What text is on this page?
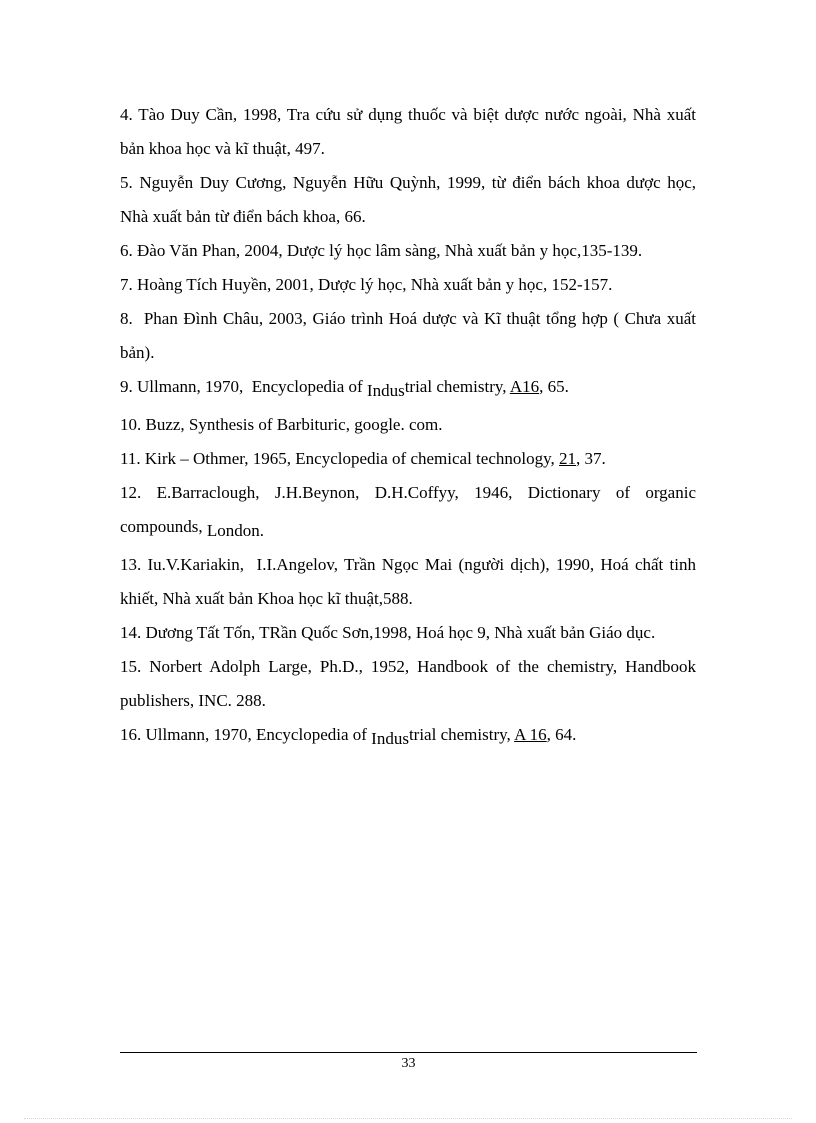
4. Tào Duy Cần, 1998, Tra cứu sử dụng thuốc và biệt dược nước ngoài, Nhà xuất bản khoa học và kĩ thuật, 497.

5. Nguyễn Duy Cương, Nguyễn Hữu Quỳnh, 1999, từ điển bách khoa dược học, Nhà xuất bản từ điển bách khoa, 66.

6. Đào Văn Phan, 2004, Dược lý học lâm sàng, Nhà xuất bản y học,135-139.

7. Hoàng Tích Huyền, 2001, Dược lý học, Nhà xuất bản y học, 152-157.

8.  Phan Đình Châu, 2003, Giáo trình Hoá dược và Kĩ thuật tổng hợp ( Chưa xuất bản).

9. Ullmann, 1970,  Encyclopedia of Industrial chemistry, A16, 65.

10. Buzz, Synthesis of Barbituric, google. com.

11. Kirk – Othmer, 1965, Encyclopedia of chemical technology, 21, 37.

12. E.Barraclough, J.H.Beynon, D.H.Coffyy, 1946, Dictionary of organic compounds, London.

13. Iu.V.Kariakin,  I.I.Angelov, Trần Ngọc Mai (người dịch), 1990, Hoá chất tinh khiết, Nhà xuất bản Khoa học kĩ thuật,588.

14. Dương Tất Tốn, TRần Quốc Sơn,1998, Hoá học 9, Nhà xuất bản Giáo dục.

15. Norbert Adolph Large, Ph.D., 1952, Handbook of the chemistry, Handbook publishers, INC. 288.

16. Ullmann, 1970, Encyclopedia of Industrial chemistry, A 16, 64.

33
